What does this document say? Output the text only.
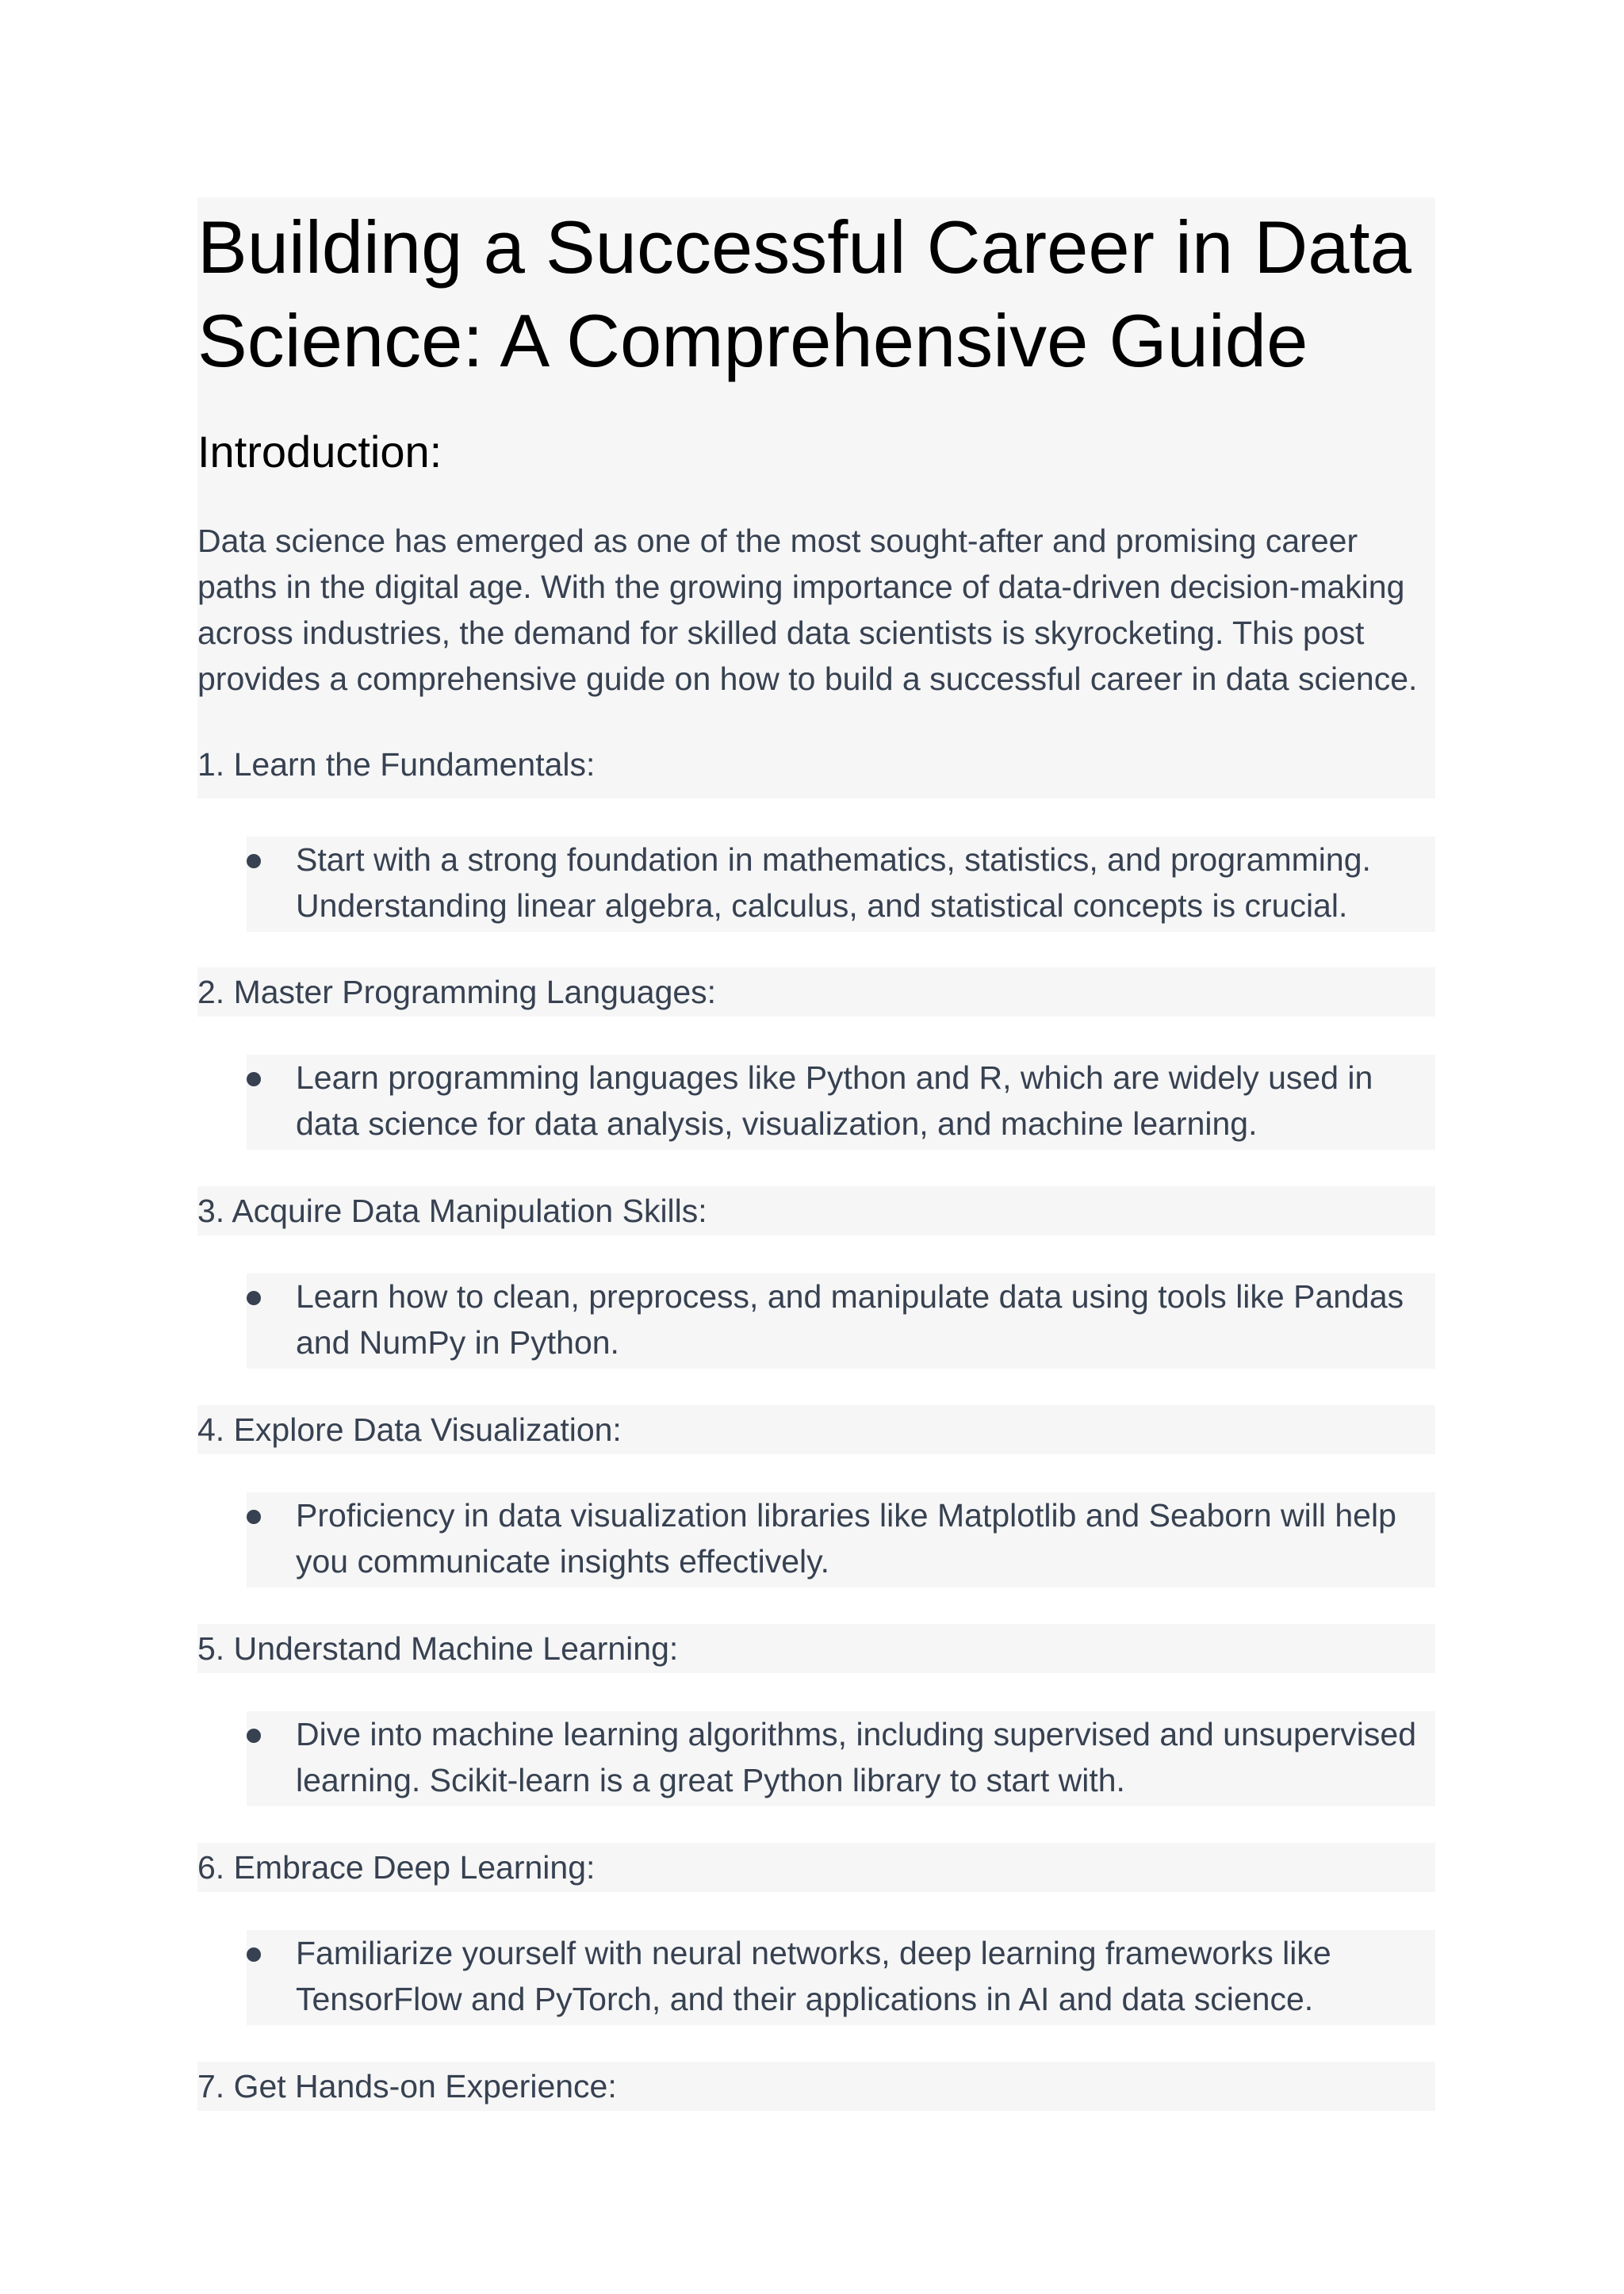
Building a Successful Career in Data Science: A Comprehensive Guide
Introduction:

Data science has emerged as one of the most sought-after and promising career paths in the digital age. With the growing importance of data-driven decision-making across industries, the demand for skilled data scientists is skyrocketing. This post provides a comprehensive guide on how to build a successful career in data science.

1. Learn the Fundamentals:

Start with a strong foundation in mathematics, statistics, and programming. Understanding linear algebra, calculus, and statistical concepts is crucial.

2. Master Programming Languages:

Learn programming languages like Python and R, which are widely used in data science for data analysis, visualization, and machine learning.

3. Acquire Data Manipulation Skills:

Learn how to clean, preprocess, and manipulate data using tools like Pandas and NumPy in Python.

4. Explore Data Visualization:

Proficiency in data visualization libraries like Matplotlib and Seaborn will help you communicate insights effectively.

5. Understand Machine Learning:

Dive into machine learning algorithms, including supervised and unsupervised learning. Scikit-learn is a great Python library to start with.

6. Embrace Deep Learning:

Familiarize yourself with neural networks, deep learning frameworks like TensorFlow and PyTorch, and their applications in AI and data science.

7. Get Hands-on Experience:
